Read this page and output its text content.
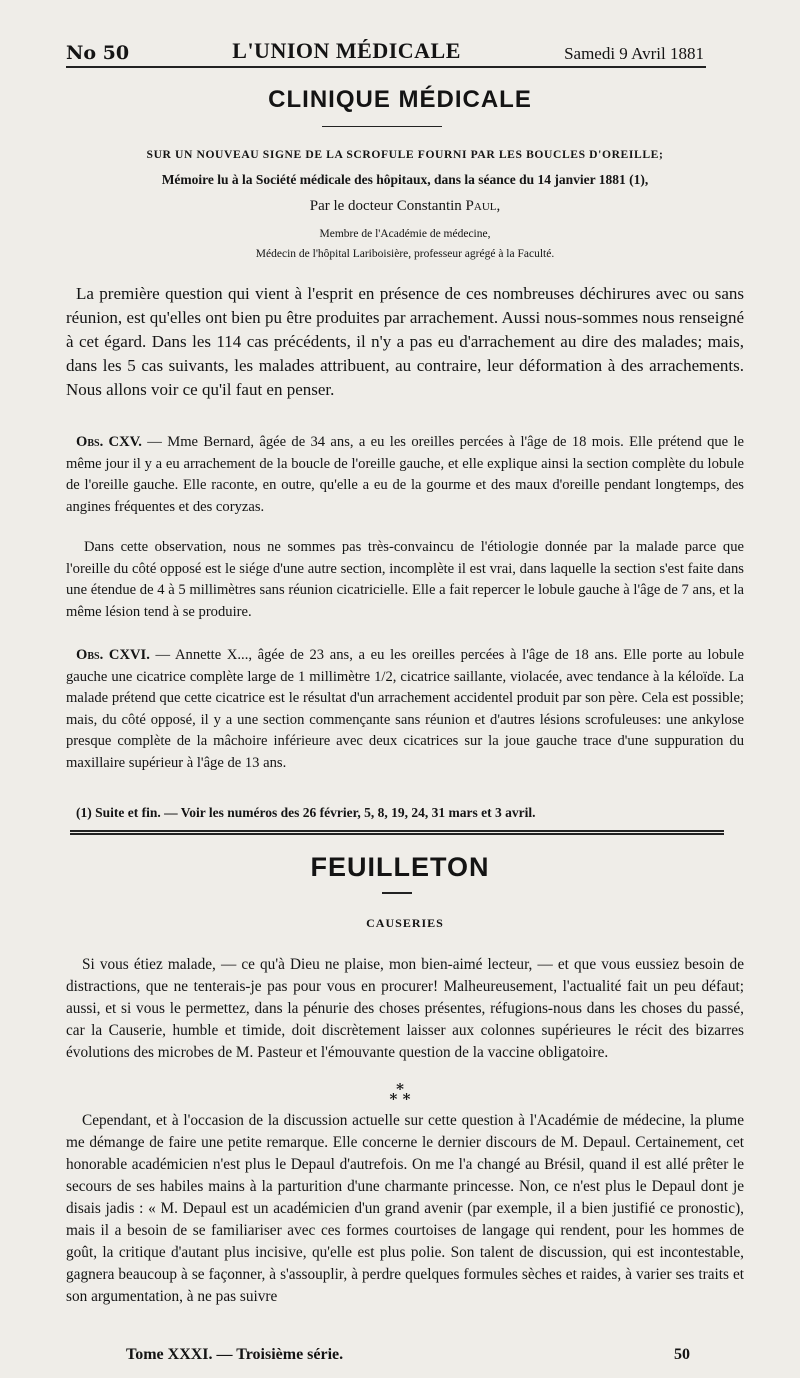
No 50	L'UNION MÉDICALE	Samedi 9 Avril 1881
CLINIQUE MÉDICALE
SUR UN NOUVEAU SIGNE DE LA SCROFULE FOURNI PAR LES BOUCLES D'OREILLE;
Mémoire lu à la Société médicale des hôpitaux, dans la séance du 14 janvier 1881 (1),
Par le docteur Constantin Paul,
Membre de l'Académie de médecine,
Médecin de l'hôpital Lariboisière, professeur agrégé à la Faculté.
La première question qui vient à l'esprit en présence de ces nombreuses déchirures avec ou sans réunion, est qu'elles ont bien pu être produites par arrachement. Aussi nous-sommes nous renseigné à cet égard. Dans les 114 cas précédents, il n'y a pas eu d'arrachement au dire des malades; mais, dans les 5 cas suivants, les malades attribuent, au contraire, leur déformation à des arrachements. Nous allons voir ce qu'il faut en penser.
Obs. CXV. — Mme Bernard, âgée de 34 ans, a eu les oreilles percées à l'âge de 18 mois. Elle prétend que le même jour il y a eu arrachement de la boucle de l'oreille gauche, et elle explique ainsi la section complète du lobule de l'oreille gauche. Elle raconte, en outre, qu'elle a eu de la gourme et des maux d'oreille pendant longtemps, des angines fréquentes et des coryzas.
Dans cette observation, nous ne sommes pas très-convaincu de l'étiologie donnée par la malade parce que l'oreille du côté opposé est le siége d'une autre section, incomplète il est vrai, dans laquelle la section s'est faite dans une étendue de 4 à 5 millimètres sans réunion cicatricielle. Elle a fait repercer le lobule gauche à l'âge de 7 ans, et la même lésion tend à se produire.
Obs. CXVI. — Annette X..., âgée de 23 ans, a eu les oreilles percées à l'âge de 18 ans. Elle porte au lobule gauche une cicatrice complète large de 1 millimètre 1/2, cicatrice saillante, violacée, avec tendance à la kéloïde. La malade prétend que cette cicatrice est le résultat d'un arrachement accidentel produit par son père. Cela est possible; mais, du côté opposé, il y a une section commençante sans réunion et d'autres lésions scrofuleuses: une ankylose presque complète de la mâchoire inférieure avec deux cicatrices sur la joue gauche trace d'une suppuration du maxillaire supérieur à l'âge de 13 ans.
(1) Suite et fin. — Voir les numéros des 26 février, 5, 8, 19, 24, 31 mars et 3 avril.
FEUILLETON
CAUSERIES
Si vous étiez malade, — ce qu'à Dieu ne plaise, mon bien-aimé lecteur, — et que vous eussiez besoin de distractions, que ne tenterais-je pas pour vous en procurer! Malheureusement, l'actualité fait un peu défaut; aussi, et si vous le permettez, dans la pénurie des choses présentes, réfugions-nous dans les choses du passé, car la Causerie, humble et timide, doit discrètement laisser aux colonnes supérieures le récit des bizarres évolutions des microbes de M. Pasteur et l'émouvante question de la vaccine obligatoire.
*
* *
Cependant, et à l'occasion de la discussion actuelle sur cette question à l'Académie de médecine, la plume me démange de faire une petite remarque. Elle concerne le dernier discours de M. Depaul. Certainement, cet honorable académicien n'est plus le Depaul d'autrefois. On me l'a changé au Brésil, quand il est allé prêter le secours de ses habiles mains à la parturition d'une charmante princesse. Non, ce n'est plus le Depaul dont je disais jadis : « M. Depaul est un académicien d'un grand avenir (par exemple, il a bien justifié ce pronostic), mais il a besoin de se familiariser avec ces formes courtoises de langage qui rendent, pour les hommes de goût, la critique d'autant plus incisive, qu'elle est plus polie. Son talent de discussion, qui est incontestable, gagnera beaucoup à se façonner, à s'assouplir, à perdre quelques formules sèches et raides, à varier ses traits et son argumentation, à ne pas suivre
Tome XXXI. — Troisième série.	50
